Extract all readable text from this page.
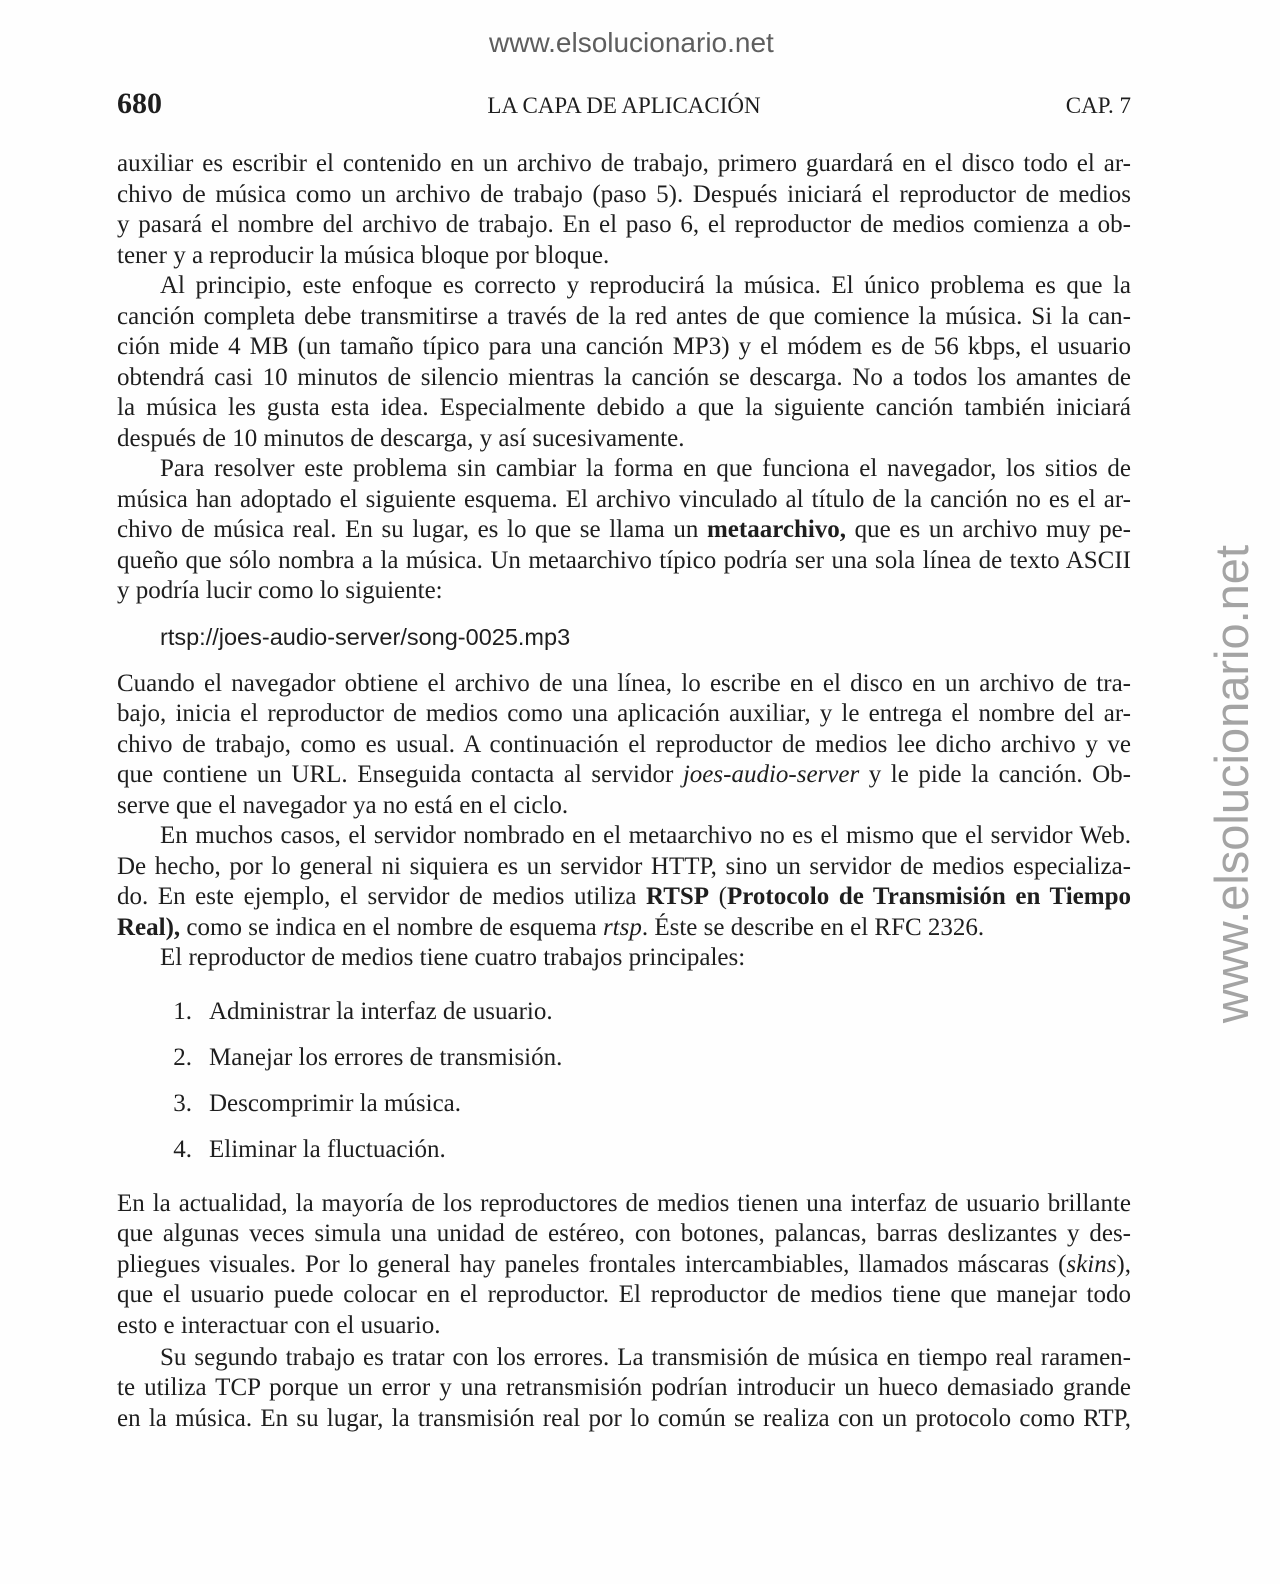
www.elsolucionario.net
www.elsolucionario.net
680	LA CAPA DE APLICACIÓN	CAP. 7
auxiliar es escribir el contenido en un archivo de trabajo, primero guardará en el disco todo el ar-
chivo de música como un archivo de trabajo (paso 5). Después iniciará el reproductor de medios
y pasará el nombre del archivo de trabajo. En el paso 6, el reproductor de medios comienza a ob-
tener y a reproducir la música bloque por bloque.
Al principio, este enfoque es correcto y reproducirá la música. El único problema es que la
canción completa debe transmitirse a través de la red antes de que comience la música. Si la can-
ción mide 4 MB (un tamaño típico para una canción MP3) y el módem es de 56 kbps, el usuario
obtendrá casi 10 minutos de silencio mientras la canción se descarga. No a todos los amantes de
la música les gusta esta idea. Especialmente debido a que la siguiente canción también iniciará
después de 10 minutos de descarga, y así sucesivamente.
Para resolver este problema sin cambiar la forma en que funciona el navegador, los sitios de
música han adoptado el siguiente esquema. El archivo vinculado al título de la canción no es el ar-
chivo de música real. En su lugar, es lo que se llama un metaarchivo, que es un archivo muy pe-
queño que sólo nombra a la música. Un metaarchivo típico podría ser una sola línea de texto ASCII
y podría lucir como lo siguiente:
rtsp://joes-audio-server/song-0025.mp3
Cuando el navegador obtiene el archivo de una línea, lo escribe en el disco en un archivo de tra-
bajo, inicia el reproductor de medios como una aplicación auxiliar, y le entrega el nombre del ar-
chivo de trabajo, como es usual. A continuación el reproductor de medios lee dicho archivo y ve
que contiene un URL. Enseguida contacta al servidor joes-audio-server y le pide la canción. Ob-
serve que el navegador ya no está en el ciclo.
En muchos casos, el servidor nombrado en el metaarchivo no es el mismo que el servidor Web.
De hecho, por lo general ni siquiera es un servidor HTTP, sino un servidor de medios especializa-
do. En este ejemplo, el servidor de medios utiliza RTSP (Protocolo de Transmisión en Tiempo
Real), como se indica en el nombre de esquema rtsp. Éste se describe en el RFC 2326.
El reproductor de medios tiene cuatro trabajos principales:
1. Administrar la interfaz de usuario.
2. Manejar los errores de transmisión.
3. Descomprimir la música.
4. Eliminar la fluctuación.
En la actualidad, la mayoría de los reproductores de medios tienen una interfaz de usuario brillante
que algunas veces simula una unidad de estéreo, con botones, palancas, barras deslizantes y des-
pliegues visuales. Por lo general hay paneles frontales intercambiables, llamados máscaras (skins),
que el usuario puede colocar en el reproductor. El reproductor de medios tiene que manejar todo
esto e interactuar con el usuario.
Su segundo trabajo es tratar con los errores. La transmisión de música en tiempo real raramen-
te utiliza TCP porque un error y una retransmisión podrían introducir un hueco demasiado grande
en la música. En su lugar, la transmisión real por lo común se realiza con un protocolo como RTP,
